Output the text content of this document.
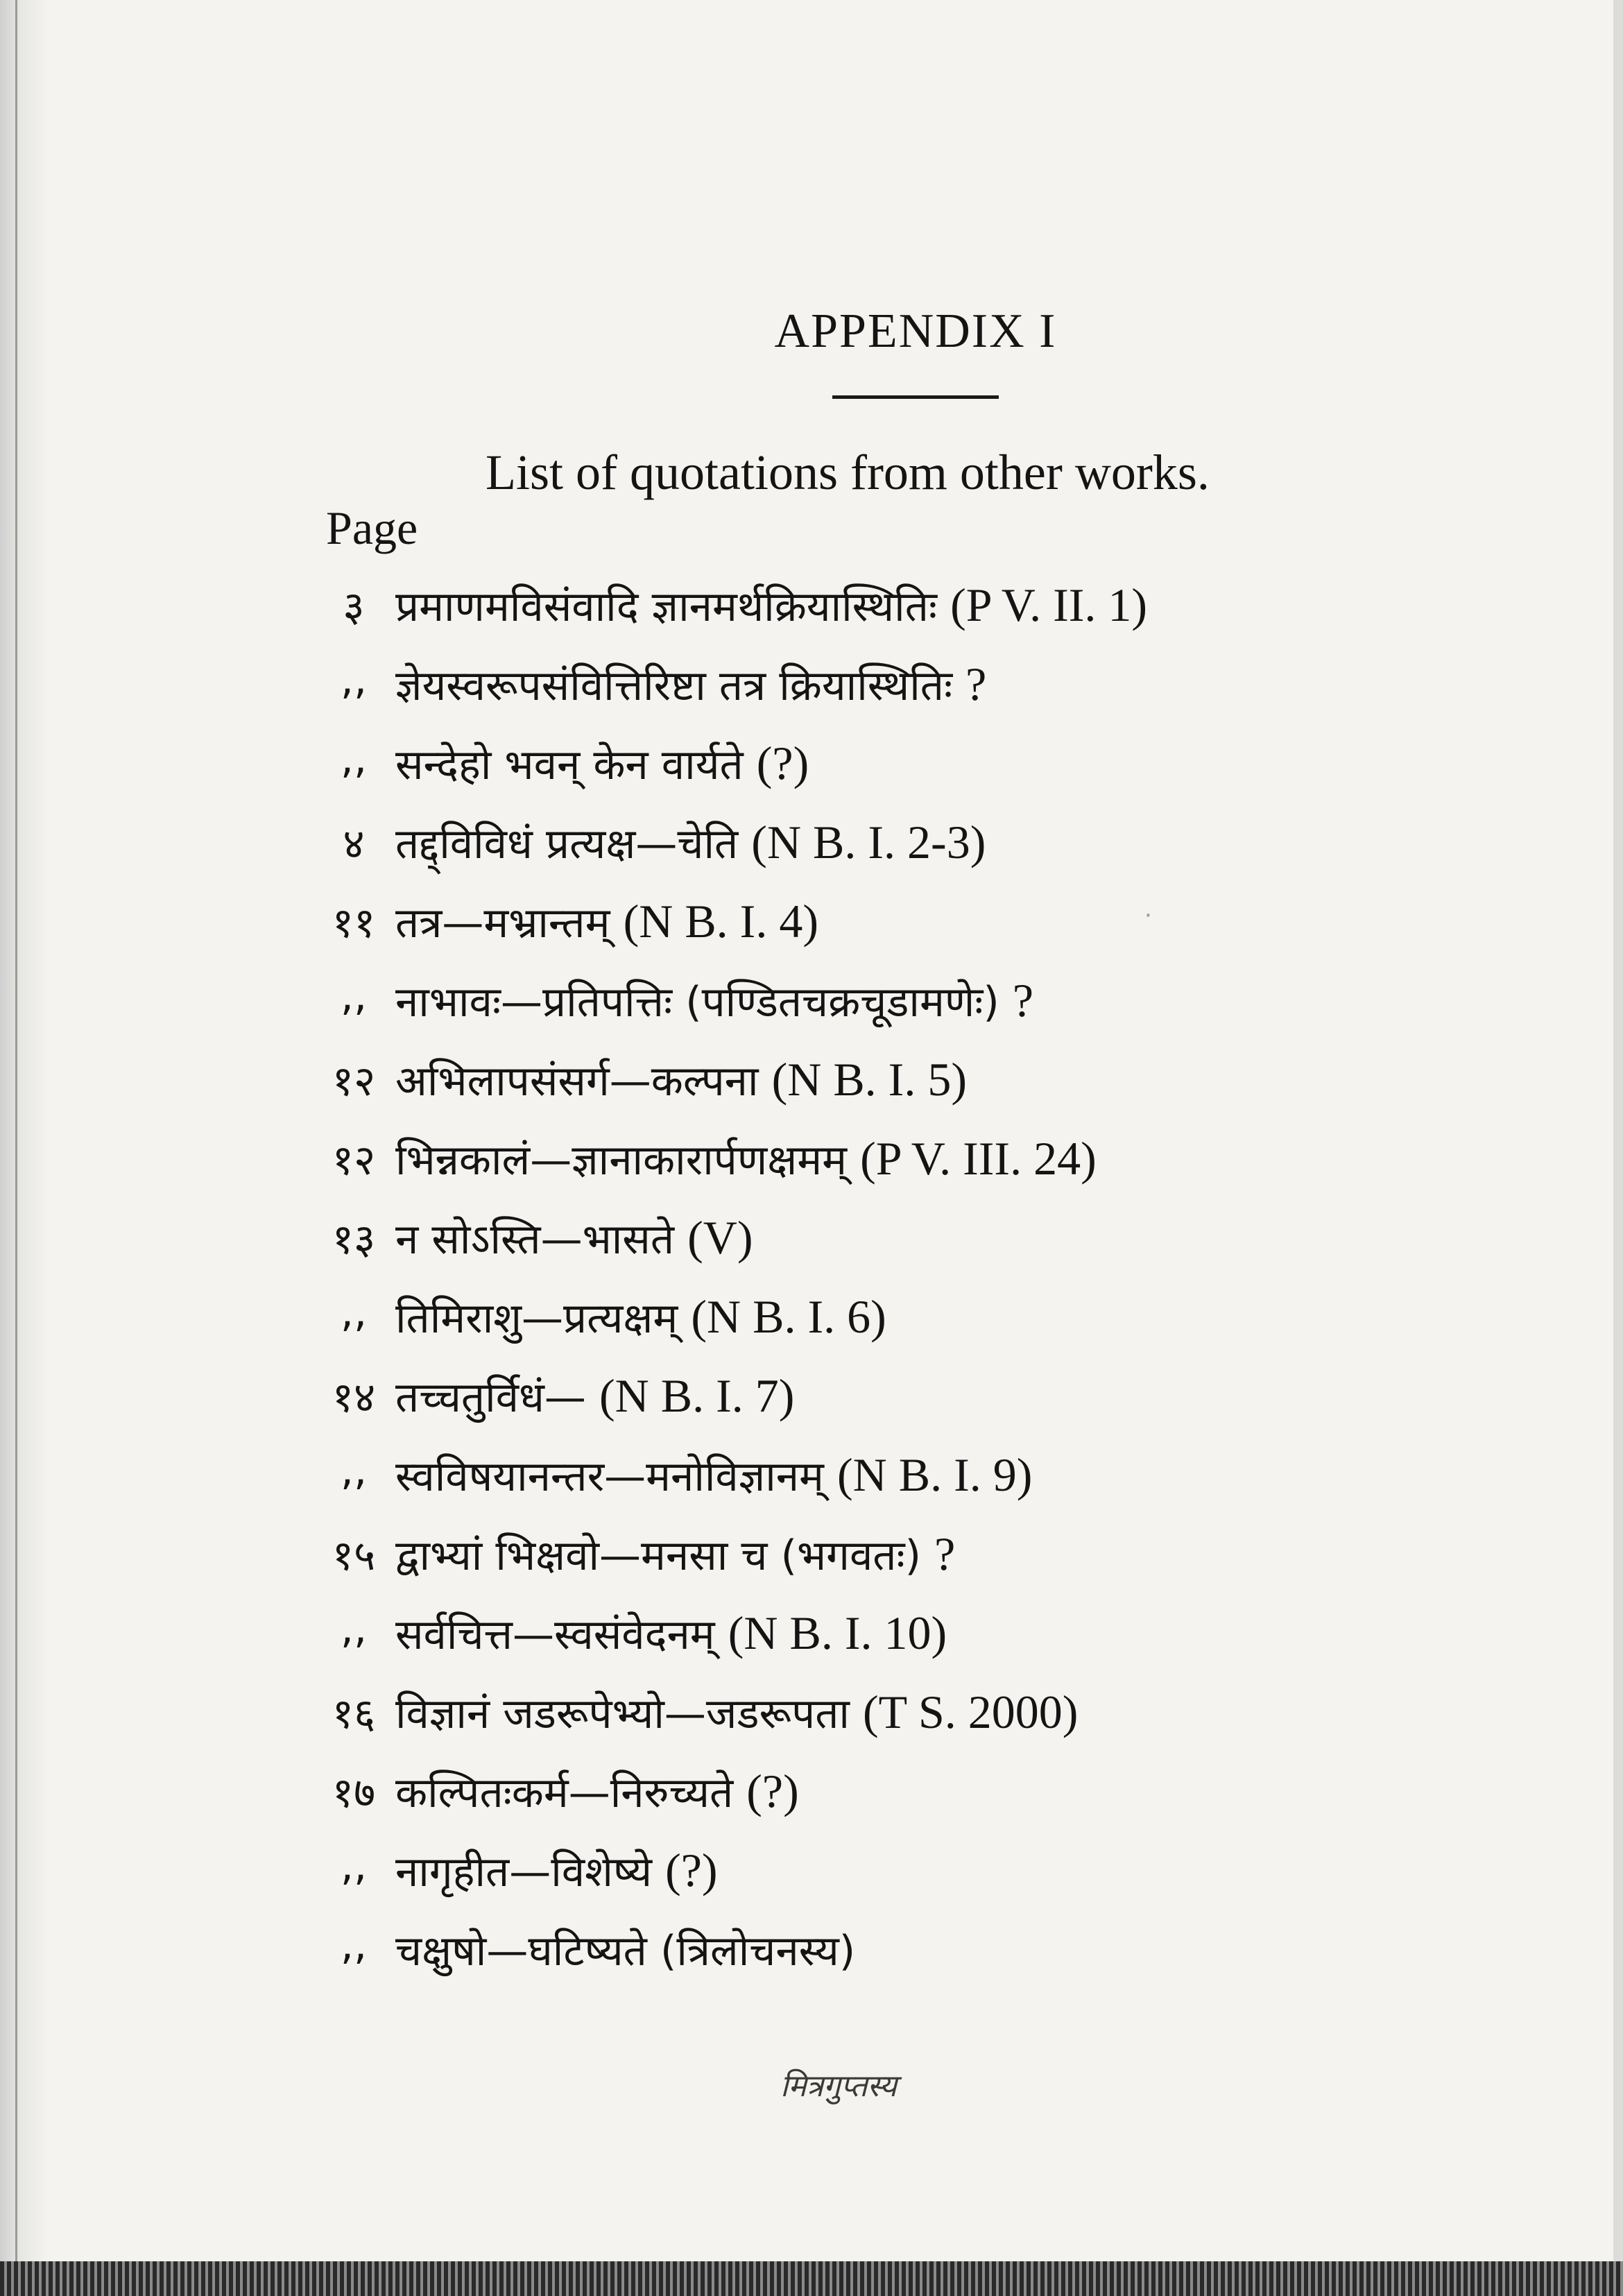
APPENDIX I
List of quotations from other works.
Page
३ प्रमाणमविसंवादि ज्ञानमर्थक्रियास्थितिः (P V. II. 1)
,, ज्ञेयस्वरूपसंवित्तिरिष्टा तत्र क्रियास्थितिः ?
,, सन्देहो भवन् केन वार्यते (?)
४ तद्द्विविधं प्रत्यक्ष—चेति (N B. I. 2-3)
११ तत्र—मभ्रान्तम् (N B. I. 4)
,, नाभावः—प्रतिपत्तिः (पण्डितचक्रचूडामणेः) ?
१२ अभिलापसंसर्ग—कल्पना (N B. I. 5)
१२ भिन्नकालं—ज्ञानाकारार्पणक्षमम् (P V. III. 24)
१३ न सोऽस्ति—भासते (V)
,, तिमिराशु—प्रत्यक्षम् (N B. I. 6)
१४ तच्चतुर्विधं— (N B. I. 7)
,, स्वविषयानन्तर—मनोविज्ञानम् (N B. I. 9)
१५ द्वाभ्यां भिक्षवो—मनसा च (भगवतः) ?
,, सर्वचित्त—स्वसंवेदनम् (N B. I. 10)
१६ विज्ञानं जडरूपेभ्यो—जडरूपता (T S. 2000)
१७ कल्पितःकर्म—निरुच्यते (?)
,, नागृहीत—विशेष्ये (?)
,, चक्षुषो—घटिष्यते (त्रिलोचनस्य)
मित्रगुप्तस्य
·
